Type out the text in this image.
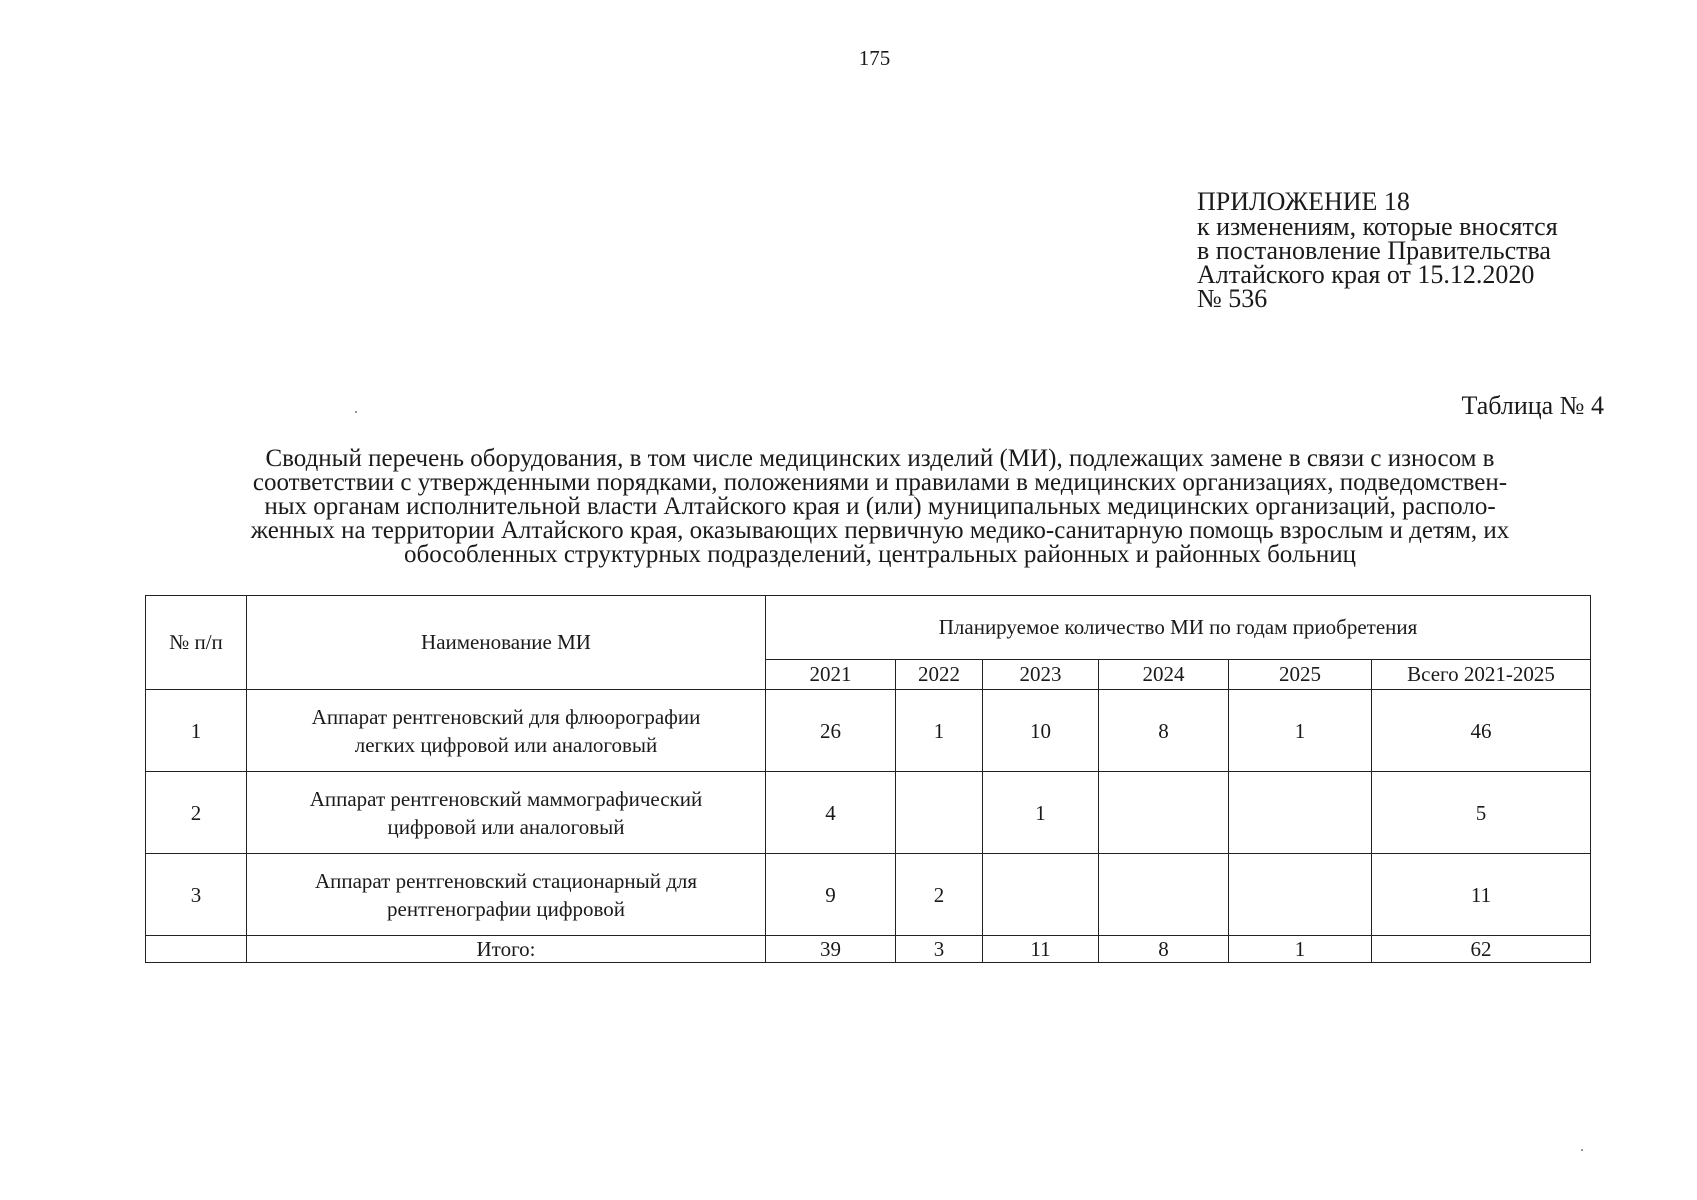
175
ПРИЛОЖЕНИЕ 18
к изменениям, которые вносятся
в постановление Правительства
Алтайского края от 15.12.2020
№ 536
Таблица № 4
Сводный перечень оборудования, в том числе медицинских изделий (МИ), подлежащих замене в связи с износом в
соответствии с утвержденными порядками, положениями и правилами в медицинских организациях, подведомствен-
ных органам исполнительной власти Алтайского края и (или) муниципальных медицинских организаций, располо-
женных на территории Алтайского края, оказывающих первичную медико-санитарную помощь взрослым и детям, их
обособленных структурных подразделений, центральных районных и районных больниц
№ п/п	Наименование МИ	Планируемое количество МИ по годам приобретения					
		2021	2022	2023	2024	2025	Всего 2021-2025
1	Аппарат рентгеновский для флюорографии
легких цифровой или аналоговый	26	1	10	8	1	46
2	Аппарат рентгеновский маммографический
цифровой или аналоговый	4		1			5
3	Аппарат рентгеновский стационарный для
рентгенографии цифровой	9	2				11
	Итого:	39	3	11	8	1	62
